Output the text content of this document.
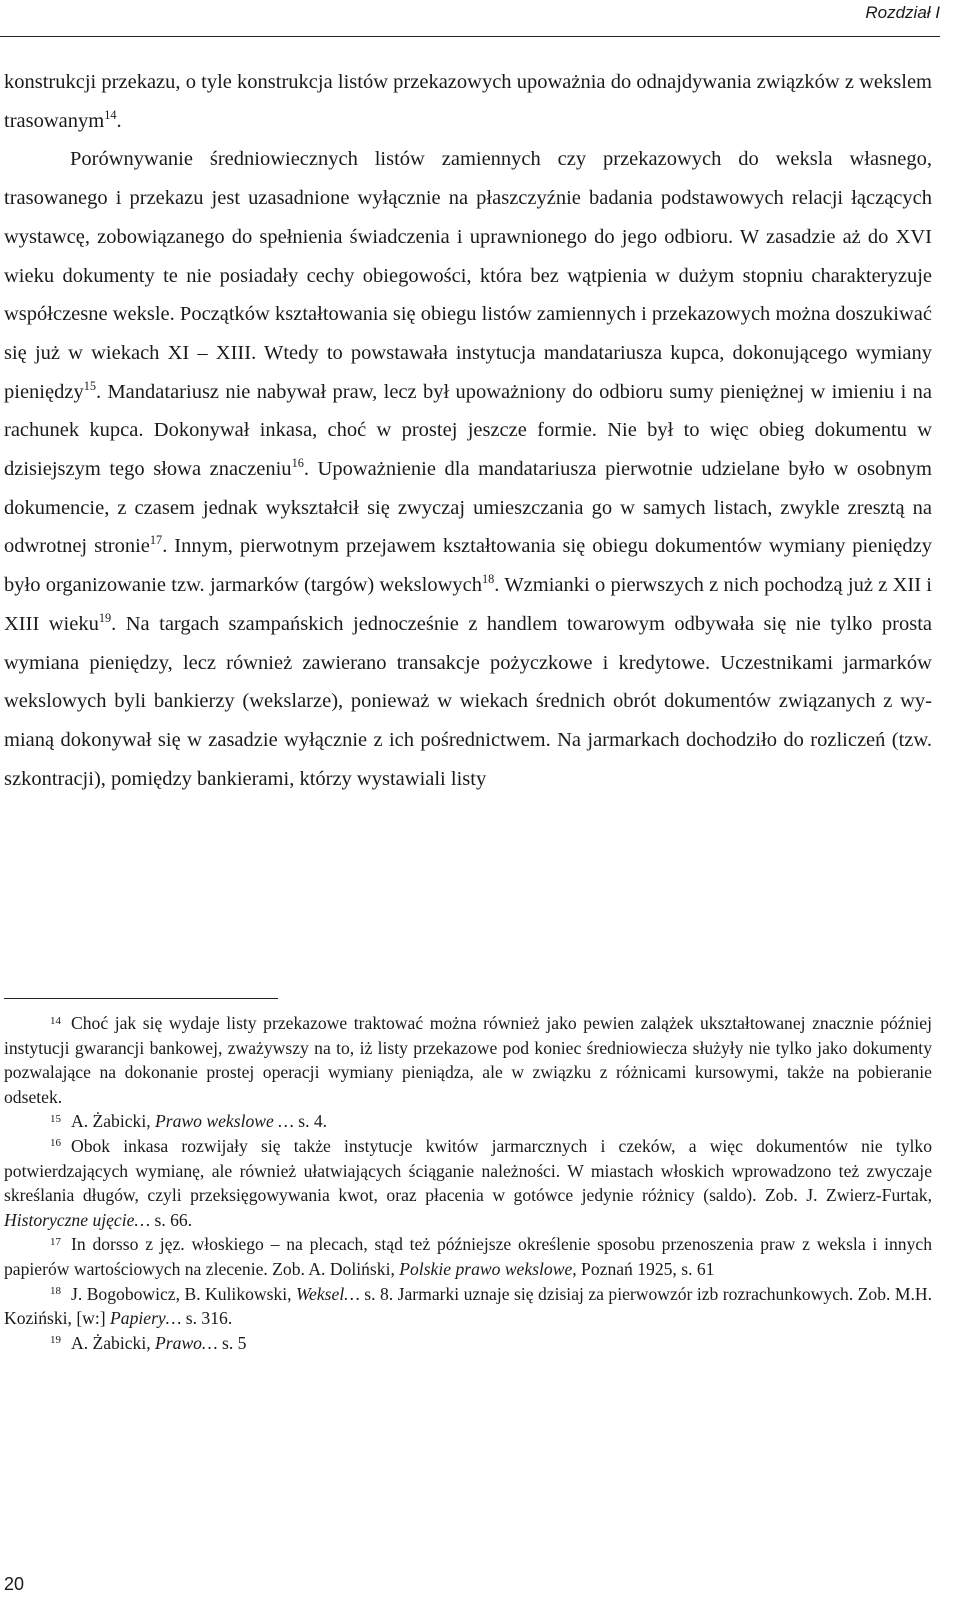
Rozdział I

konstrukcji przekazu, o tyle konstrukcja listów przekazowych upoważnia do odnajdywania związków z wekslem trasowanym$^{14}$.

Porównywanie średniowiecznych listów zamiennych czy przekazowych do weksla własnego, trasowanego i przekazu jest uzasadnione wyłącznie na płaszczyźnie badania podstawowych relacji łączących wystawcę, zobowiązanego do spełnienia świadczenia i uprawnionego do jego odbioru. W zasadzie aż do XVI wieku dokumenty te nie posiadały cechy obiegowości, która bez wątpienia w dużym stopniu charakteryzuje współczesne weksle. Początków kształtowania się obiegu listów zamiennych i przekazowych można doszukiwać się już w wiekach XI – XIII. Wtedy to powstawała instytucja mandatariusza kupca, dokonującego wymiany pieniędzy$^{15}$. Mandatariusz nie nabywał praw, lecz był upoważniony do odbioru sumy pieniężnej w imieniu i na rachunek kupca. Dokonywał inkasa, choć w prostej jeszcze formie. Nie był to więc obieg dokumentu w dzisiejszym tego słowa znaczeniu$^{16}$. Upoważnienie dla mandatariusza pierwotnie udzielane było w osobnym dokumencie, z czasem jednak wykształcił się zwyczaj umieszczania go w samych listach, zwykle zresztą na odwrotnej stronie$^{17}$. Innym, pierwotnym przejawem kształtowania się obiegu dokumentów wymiany pieniędzy było organizowanie tzw. jarmarków (targów) wekslowych$^{18}$. Wzmianki o pierwszych z nich pochodzą już z XII i XIII wieku$^{19}$. Na targach szampańskich jednocześnie z handlem towarowym odbywała się nie tylko prosta wymiana pieniędzy, lecz również zawierano transakcje pożyczkowe i kredytowe. Uczestnikami jarmarków wekslowych byli bankierzy (wekslarze), ponieważ w wiekach średnich obrót dokumentów związanych z wymianą dokonywał się w zasadzie wyłącznie z ich pośrednictwem. Na jarmarkach dochodziło do rozliczeń (tzw. szkontracji), pomiędzy bankierami, którzy wystawiali listy

$^{14}$ Choć jak się wydaje listy przekazowe traktować można również jako pewien zalążek ukształtowanej znacznie później instytucji gwarancji bankowej, zważywszy na to, iż listy przekazowe pod koniec średniowiecza służyły nie tylko jako dokumenty pozwalające na dokonanie prostej operacji wymiany pieniądza, ale w związku z różnicami kursowymi, także na pobieranie odsetek.

$^{15}$ A. Żabicki, Prawo wekslowe … s. 4.

$^{16}$ Obok inkasa rozwijały się także instytucje kwitów jarmarcznych i czeków, a więc dokumentów nie tylko potwierdzających wymianę, ale również ułatwiających ściąganie należności. W miastach włoskich wprowadzono też zwyczaje skreślania długów, czyli przeksięgowywania kwot, oraz płacenia w gotówce jedynie różnicy (saldo). Zob. J. Zwierz-Furtak, Historyczne ujęcie… s. 66.

$^{17}$ In dorsso z jęz. włoskiego – na plecach, stąd też późniejsze określenie sposobu przenoszenia praw z weksla i innych papierów wartościowych na zlecenie. Zob. A. Doliński, Polskie prawo wekslowe, Poznań 1925, s. 61

$^{18}$ J. Bogobowicz, B. Kulikowski, Weksel… s. 8. Jarmarki uznaje się dzisiaj za pierwowzór izb rozrachunkowych. Zob. M.H. Koziński, [w:] Papiery… s. 316.

$^{19}$ A. Żabicki, Prawo… s. 5

20
